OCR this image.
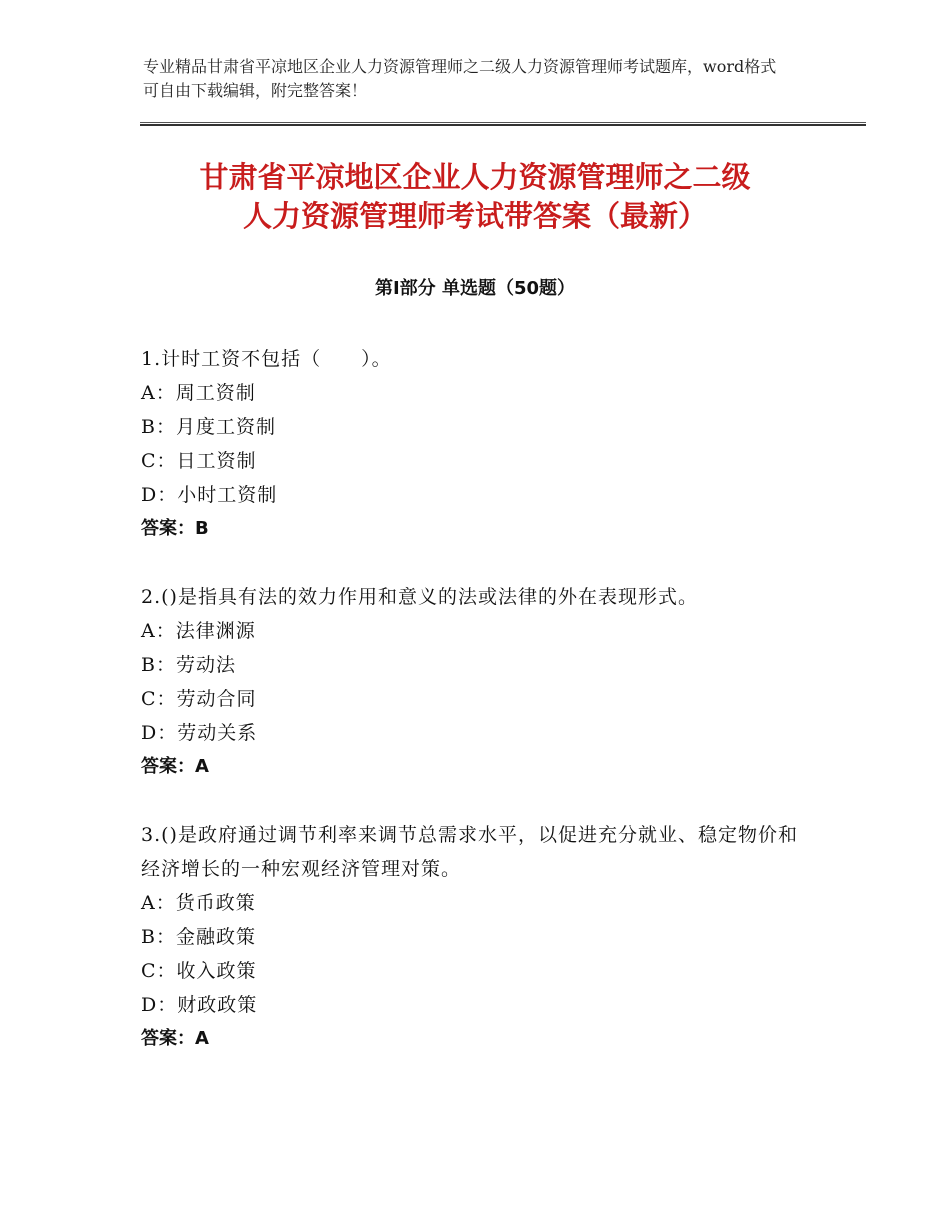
专业精品甘肃省平凉地区企业人力资源管理师之二级人力资源管理师考试题库，word格式可自由下载编辑，附完整答案！
甘肃省平凉地区企业人力资源管理师之二级
人力资源管理师考试带答案（最新）
第Ⅰ部分 单选题（50题）
1.计时工资不包括（　　）。
A：周工资制
B：月度工资制
C：日工资制
D：小时工资制
答案：B
2.()是指具有法的效力作用和意义的法或法律的外在表现形式。
A：法律渊源
B：劳动法
C：劳动合同
D：劳动关系
答案：A
3.()是政府通过调节利率来调节总需求水平，以促进充分就业、稳定物价和经济增长的一种宏观经济管理对策。
A：货币政策
B：金融政策
C：收入政策
D：财政政策
答案：A
